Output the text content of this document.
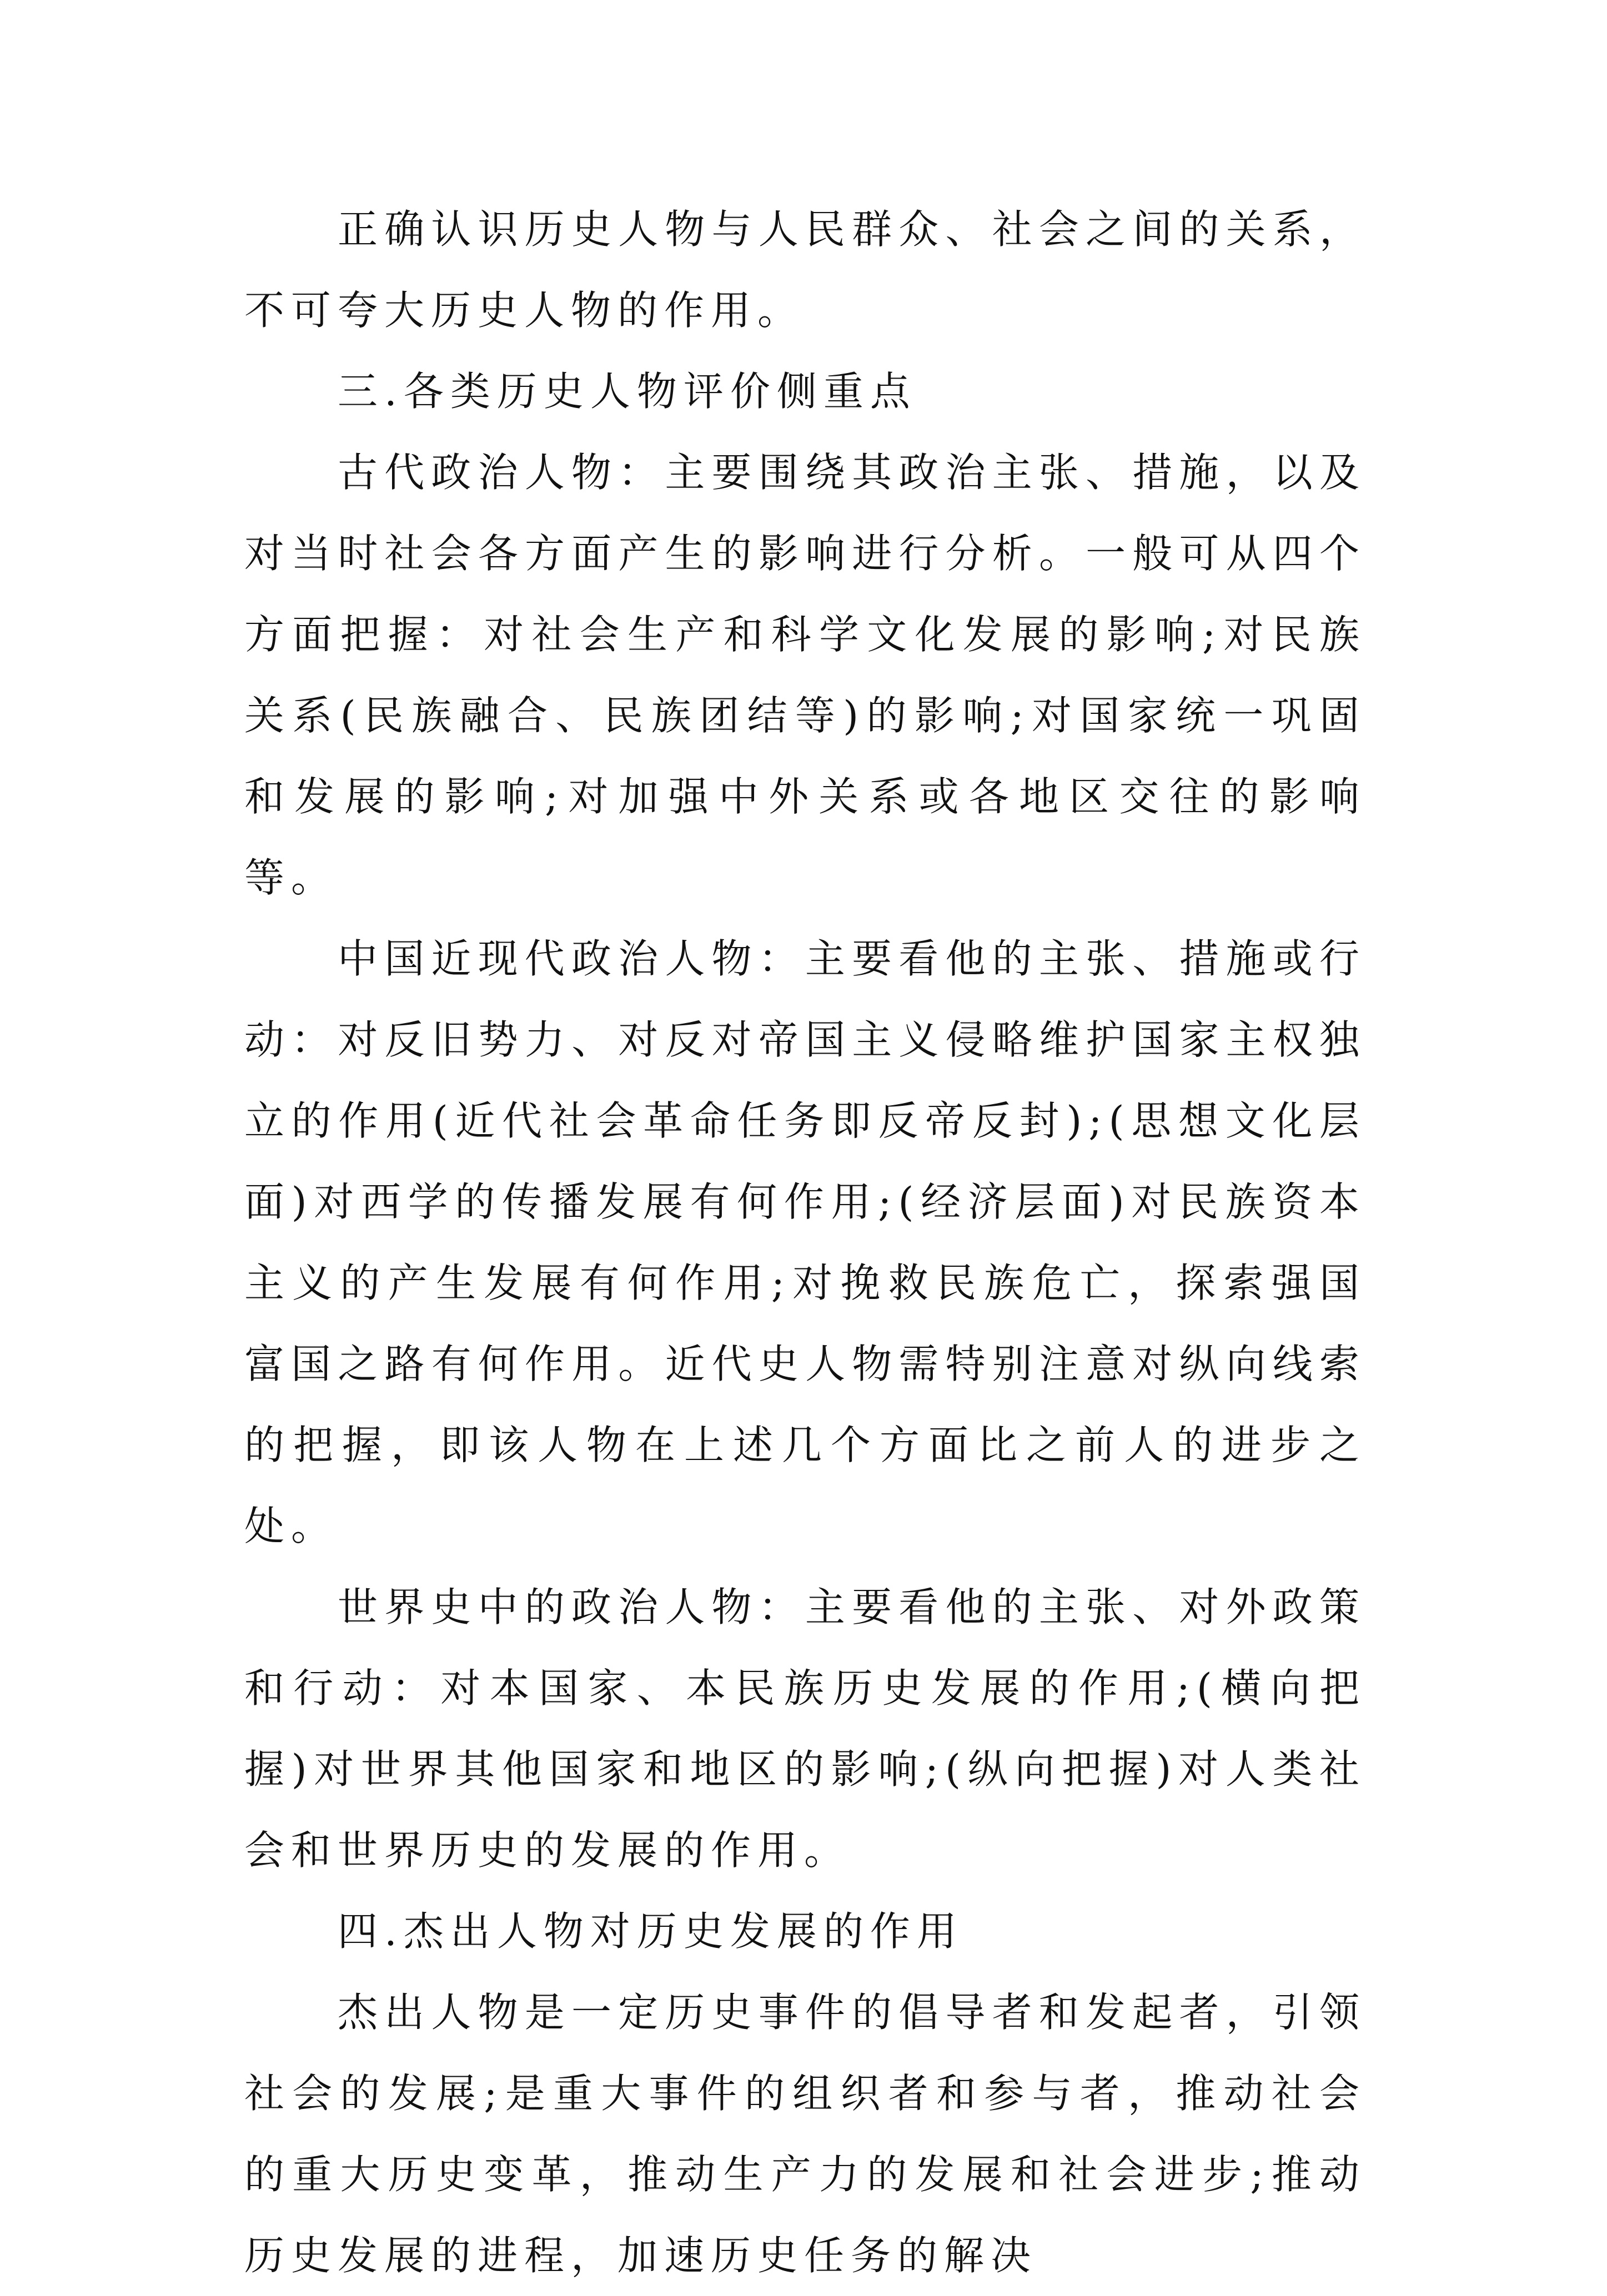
正确认识历史人物与人民群众、社会之间的关系，不可夸大历史人物的作用。

三.各类历史人物评价侧重点

古代政治人物：主要围绕其政治主张、措施，以及对当时社会各方面产生的影响进行分析。一般可从四个方面把握：对社会生产和科学文化发展的影响;对民族关系(民族融合、民族团结等)的影响;对国家统一巩固和发展的影响;对加强中外关系或各地区交往的影响等。

中国近现代政治人物：主要看他的主张、措施或行动：对反旧势力、对反对帝国主义侵略维护国家主权独立的作用(近代社会革命任务即反帝反封);(思想文化层面)对西学的传播发展有何作用;(经济层面)对民族资本主义的产生发展有何作用;对挽救民族危亡，探索强国富国之路有何作用。近代史人物需特别注意对纵向线索的把握，即该人物在上述几个方面比之前人的进步之处。

世界史中的政治人物：主要看他的主张、对外政策和行动：对本国家、本民族历史发展的作用;(横向把握)对世界其他国家和地区的影响;(纵向把握)对人类社会和世界历史的发展的作用。

四.杰出人物对历史发展的作用

杰出人物是一定历史事件的倡导者和发起者，引领社会的发展;是重大事件的组织者和参与者，推动社会的重大历史变革，推动生产力的发展和社会进步;推动历史发展的进程，加速历史任务的解决
